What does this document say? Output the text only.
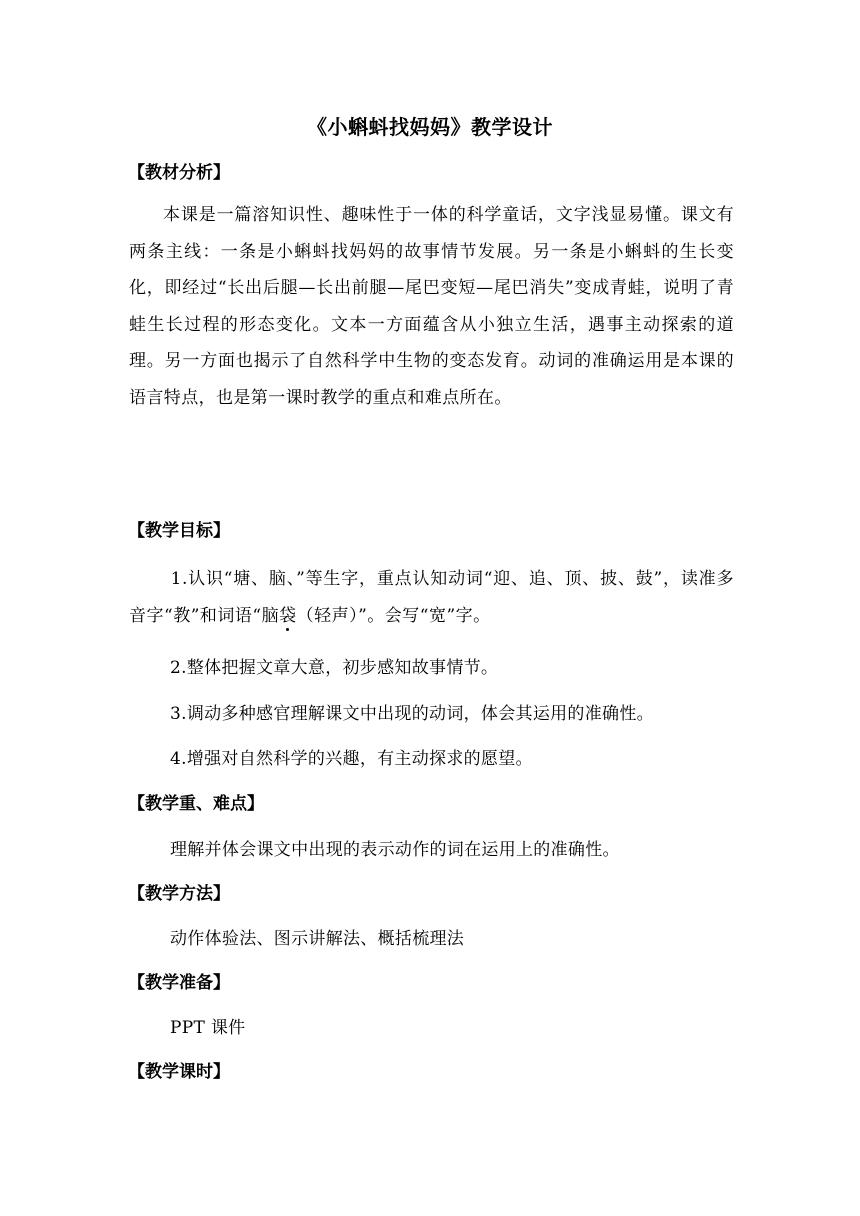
《小蝌蚪找妈妈》教学设计
【教材分析】
本课是一篇溶知识性、趣味性于一体的科学童话，文字浅显易懂。课文有两条主线：一条是小蝌蚪找妈妈的故事情节发展。另一条是小蝌蚪的生长变化，即经过“长出后腿—长出前腿—尾巴变短—尾巴消失”变成青蛙，说明了青蛙生长过程的形态变化。文本一方面蕴含从小独立生活，遇事主动探索的道理。另一方面也揭示了自然科学中生物的变态发育。动词的准确运用是本课的语言特点，也是第一课时教学的重点和难点所在。
【教学目标】
1.认识“塘、脑、”等生字，重点认知动词“迎、追、顶、披、鼓”，读准多音字“教”和词语“脑袋（轻声）”。会写“宽”字。
2.整体把握文章大意，初步感知故事情节。
3.调动多种感官理解课文中出现的动词，体会其运用的准确性。
4.增强对自然科学的兴趣，有主动探求的愿望。
【教学重、难点】
理解并体会课文中出现的表示动作的词在运用上的准确性。
【教学方法】
动作体验法、图示讲解法、概括梳理法
【教学准备】
PPT 课件
【教学课时】
